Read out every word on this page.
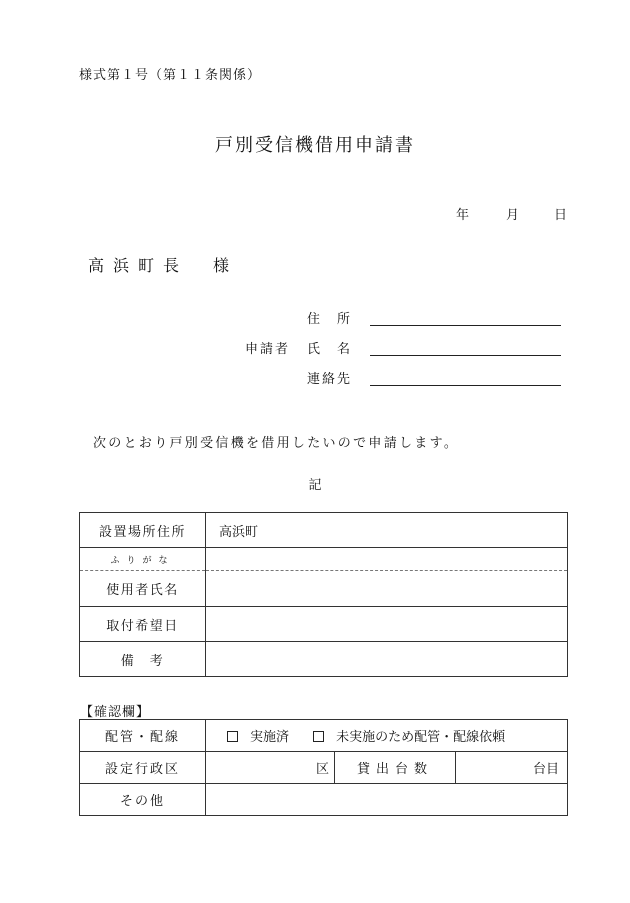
様式第１号（第１１条関係）
戸別受信機借用申請書
年	月	日
高浜町長　様
住　所
申請者 氏　名
連絡先
次のとおり戸別受信機を借用したいので申請します。
記
設置場所住所	高浜町
ふりがな	
使用者氏名	
取付希望日	
備　考	
【確認欄】
配管・配線	実施済 未実施のため配管・配線依頼		
設定行政区	区	貸出台数	台目
その他			
